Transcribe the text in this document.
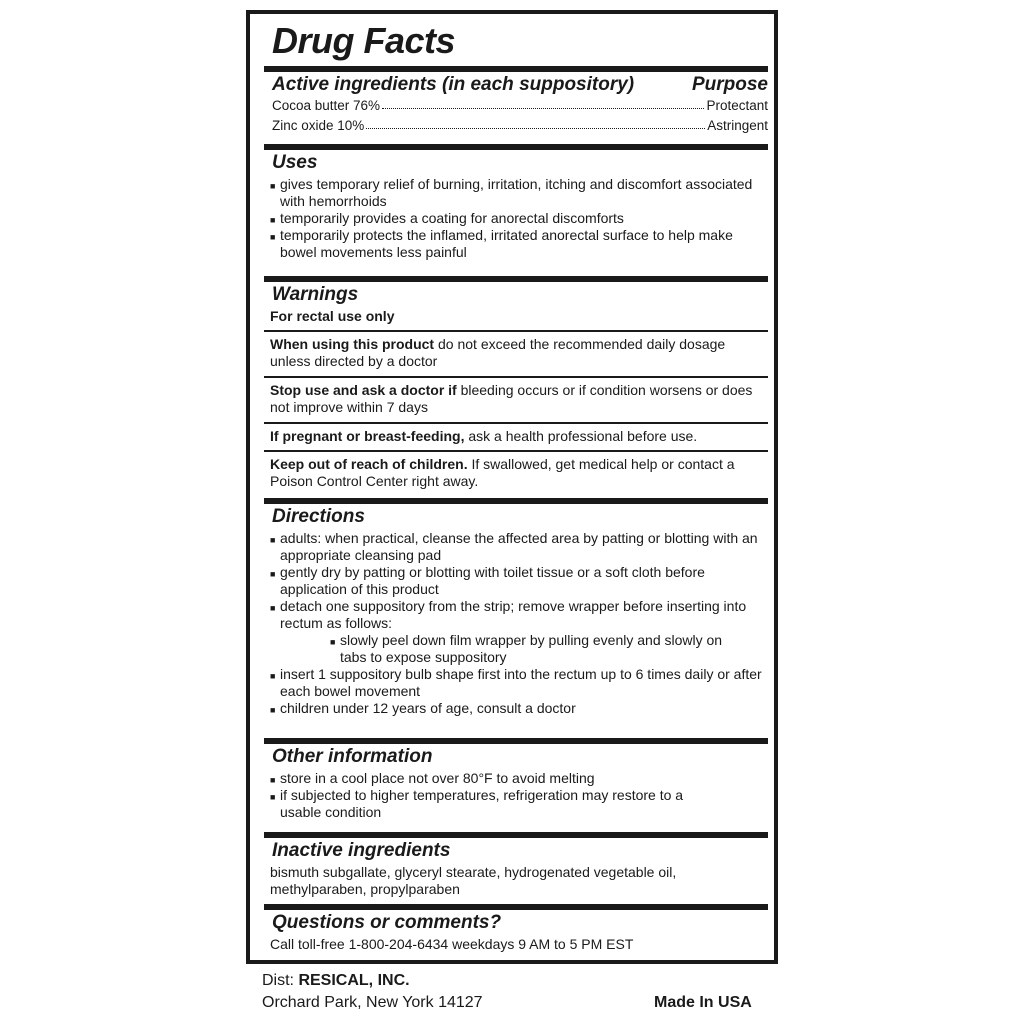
Drug Facts
Active ingredients (in each suppository)	Purpose
Cocoa butter 76%	Protectant
Zinc oxide 10%	Astringent
Uses
■ gives temporary relief of burning, irritation, itching and discomfort associated with hemorrhoids
■ temporarily provides a coating for anorectal discomforts
■ temporarily protects the inflamed, irritated anorectal surface to help make bowel movements less painful
Warnings
For rectal use only
When using this product do not exceed the recommended daily dosage unless directed by a doctor
Stop use and ask a doctor if bleeding occurs or if condition worsens or does not improve within 7 days
If pregnant or breast-feeding, ask a health professional before use.
Keep out of reach of children. If swallowed, get medical help or contact a Poison Control Center right away.
Directions
■ adults: when practical, cleanse the affected area by patting or blotting with an appropriate cleansing pad
■ gently dry by patting or blotting with toilet tissue or a soft cloth before application of this product
■ detach one suppository from the strip; remove wrapper before inserting into rectum as follows:
■ slowly peel down film wrapper by pulling evenly and slowly on tabs to expose suppository
■ insert 1 suppository bulb shape first into the rectum up to 6 times daily or after each bowel movement
■ children under 12 years of age, consult a doctor
Other information
■ store in a cool place not over 80°F to avoid melting
■ if subjected to higher temperatures, refrigeration may restore to a usable condition
Inactive ingredients
bismuth subgallate, glyceryl stearate, hydrogenated vegetable oil, methylparaben, propylparaben
Questions or comments?
Call toll-free 1-800-204-6434 weekdays 9 AM to 5 PM EST
Dist: RESICAL, INC.
Orchard Park, New York 14127	Made In USA
